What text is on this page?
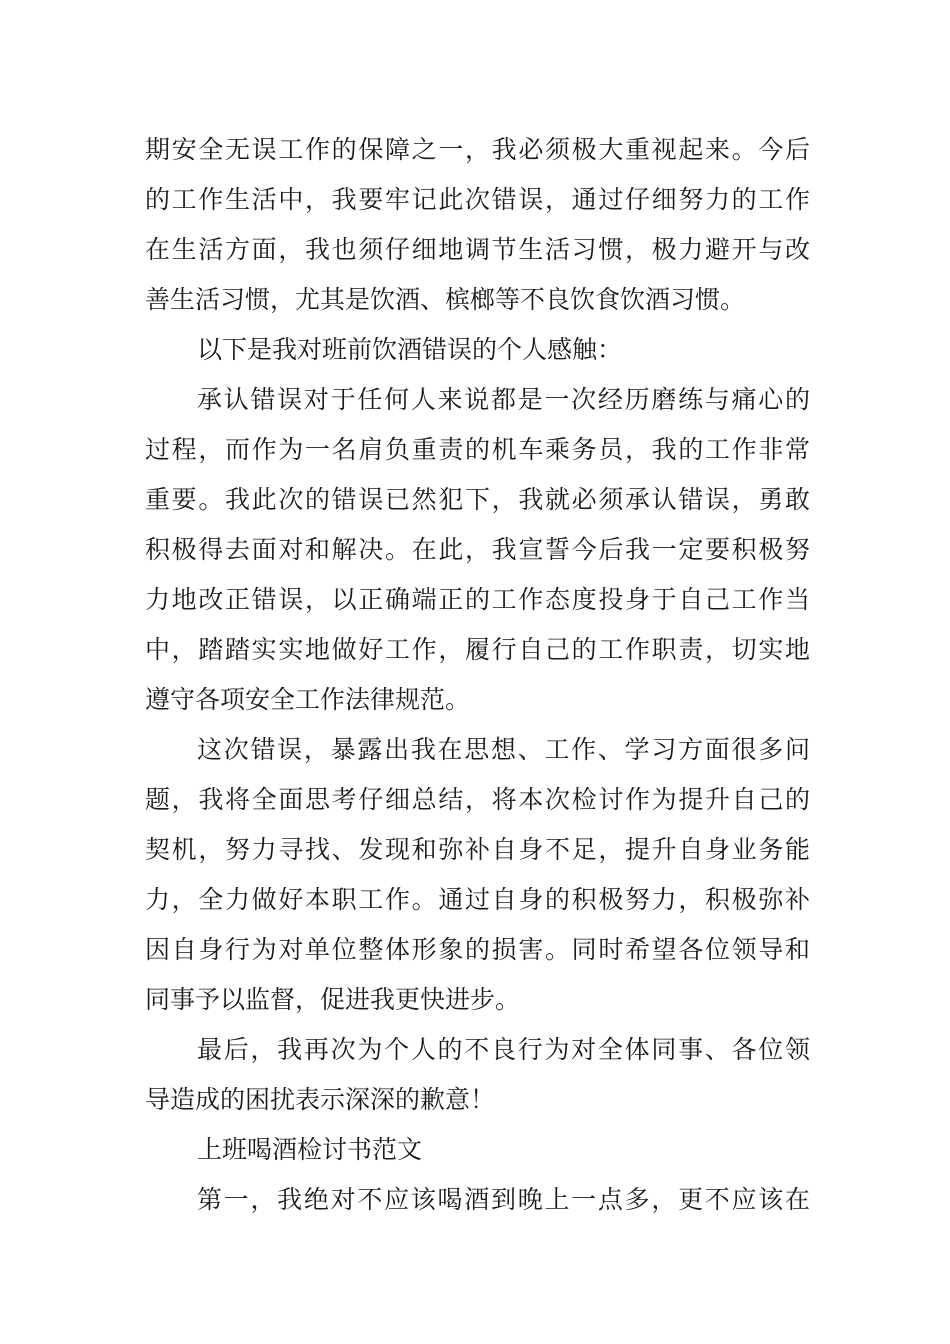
期安全无误工作的保障之一，我必须极大重视起来。今后
的工作生活中，我要牢记此次错误，通过仔细努力的工作
在生活方面，我也须仔细地调节生活习惯，极力避开与改
善生活习惯，尤其是饮酒、槟榔等不良饮食饮酒习惯。
以下是我对班前饮酒错误的个人感触：
承认错误对于任何人来说都是一次经历磨练与痛心的
过程，而作为一名肩负重责的机车乘务员，我的工作非常
重要。我此次的错误已然犯下，我就必须承认错误，勇敢
积极得去面对和解决。在此，我宣誓今后我一定要积极努
力地改正错误，以正确端正的工作态度投身于自己工作当
中，踏踏实实地做好工作，履行自己的工作职责，切实地
遵守各项安全工作法律规范。
这次错误，暴露出我在思想、工作、学习方面很多问
题，我将全面思考仔细总结，将本次检讨作为提升自己的
契机，努力寻找、发现和弥补自身不足，提升自身业务能
力，全力做好本职工作。通过自身的积极努力，积极弥补
因自身行为对单位整体形象的损害。同时希望各位领导和
同事予以监督，促进我更快进步。
最后，我再次为个人的不良行为对全体同事、各位领
导造成的困扰表示深深的歉意！
上班喝酒检讨书范文
第一，我绝对不应该喝酒到晚上一点多，更不应该在
